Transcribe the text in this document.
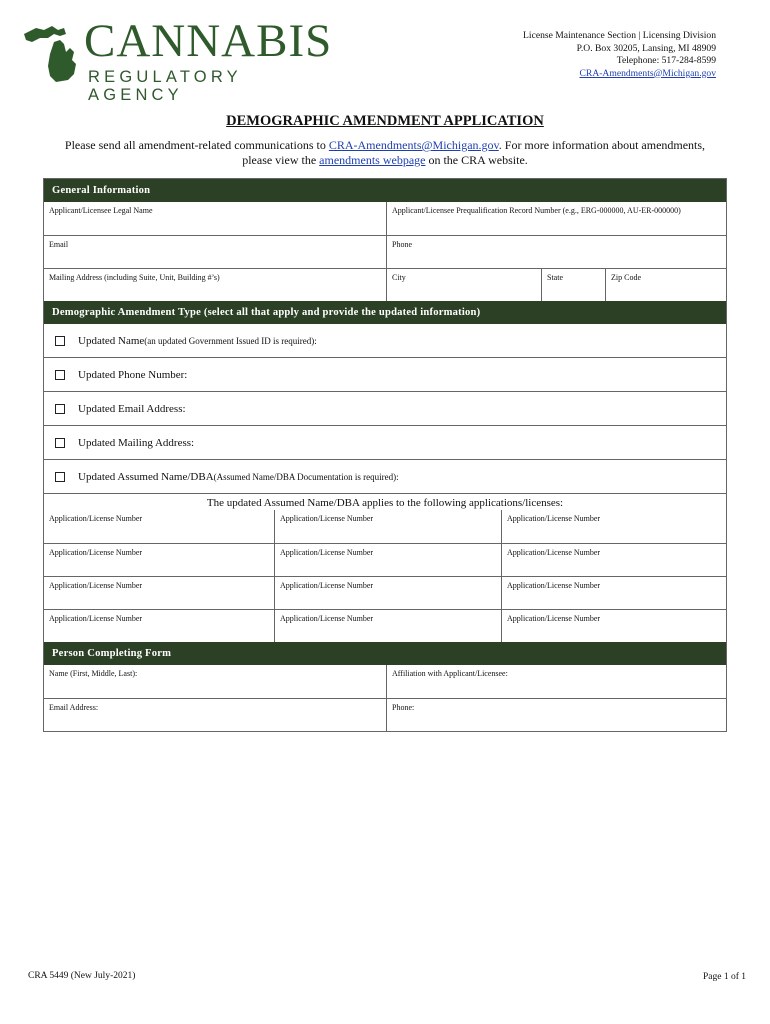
CANNABIS
REGULATORY AGENCY
License Maintenance Section | Licensing Division
P.O. Box 30205, Lansing, MI 48909
Telephone: 517-284-8599
CRA-Amendments@Michigan.gov
DEMOGRAPHIC AMENDMENT APPLICATION
Please send all amendment-related communications to CRA-Amendments@Michigan.gov. For more information about amendments, please view the amendments webpage on the CRA website.
General Information
Applicant/Licensee Legal Name	Applicant/Licensee Prequalification Record Number (e.g., ERG-000000, AU-ER-000000)
Email	Phone
Mailing Address (including Suite, Unit, Building #’s)	City	State	Zip Code
Demographic Amendment Type (select all that apply and provide the updated information)
Updated Name (an updated Government Issued ID is required):
Updated Phone Number:
Updated Email Address:
Updated Mailing Address:
Updated Assumed Name/DBA (Assumed Name/DBA Documentation is required):
The updated Assumed Name/DBA applies to the following applications/licenses:
Application/License Number	Application/License Number	Application/License Number
Application/License Number	Application/License Number	Application/License Number
Application/License Number	Application/License Number	Application/License Number
Application/License Number	Application/License Number	Application/License Number
Person Completing Form
Name (First, Middle, Last):	Affiliation with Applicant/Licensee:
Email Address:	Phone:
CRA 5449 (New July-2021)	Page 1 of 1
